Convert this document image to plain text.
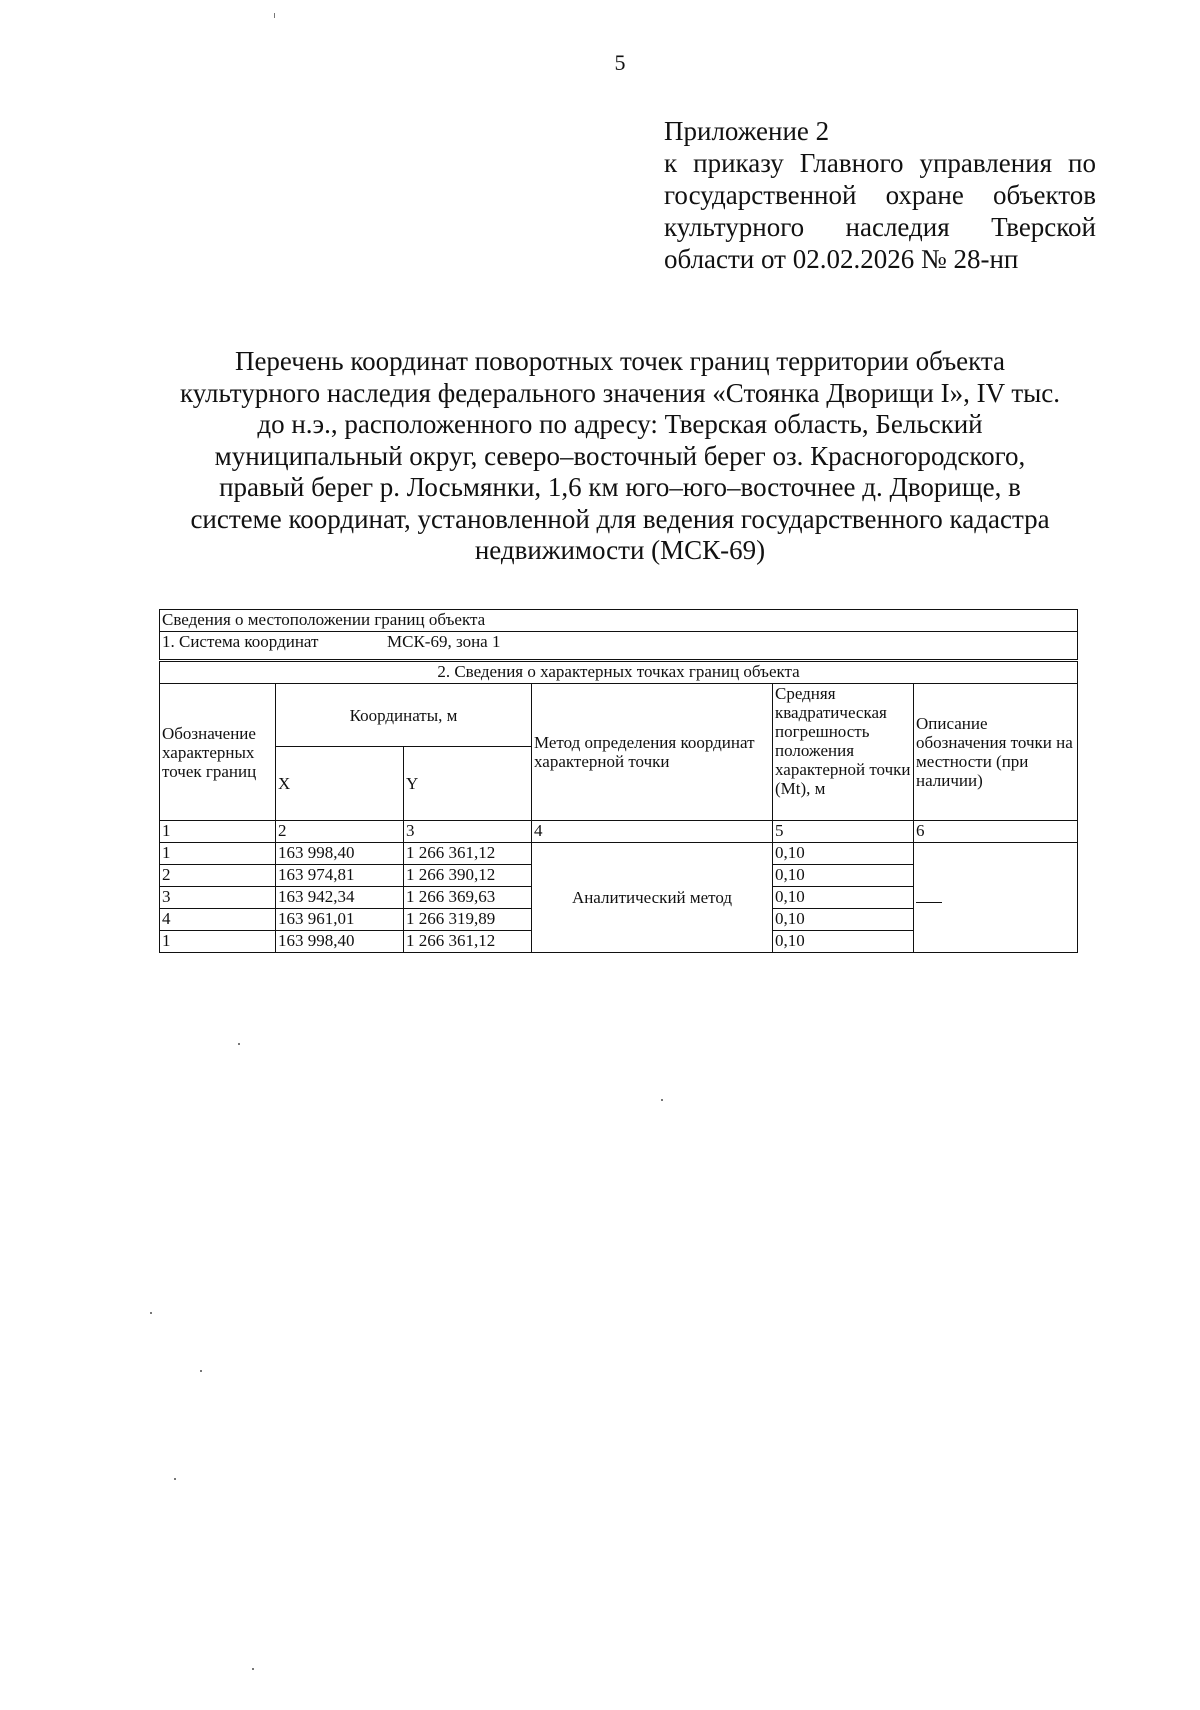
5
Приложение 2
к приказу Главного управления по
государственной охране объектов
культурного наследия Тверской
области от 02.02.2026 № 28-нп
Перечень координат поворотных точек границ территории объекта
культурного наследия федерального значения «Стоянка Дворищи I», IV тыс.
до н.э., расположенного по адресу: Тверская область, Бельский
муниципальный округ, северо–восточный берег оз. Красногородского,
правый берег р. Лосьмянки, 1,6 км юго–юго–восточнее д. Дворище, в
системе координат, установленной для ведения государственного кадастра
недвижимости (МСК-69)
Сведения о местоположении границ объекта					
1. Система координат МСК-69, зона 1					
2. Сведения о характерных точках границ объекта					
Обозначение характерных точек границ	Координаты, м		Метод определения координат характерной точки	Средняя квадратическая погрешность положения характерной точки (Mt), м	Описание обозначения точки на местности (при наличии)
	X	Y			
1	2	3	4	5	6
1	163 998,40	1 266 361,12	Аналитический метод	0,10	
2	163 974,81	1 266 390,12		0,10	
3	163 942,34	1 266 369,63		0,10	
4	163 961,01	1 266 319,89		0,10	
1	163 998,40	1 266 361,12		0,10	
